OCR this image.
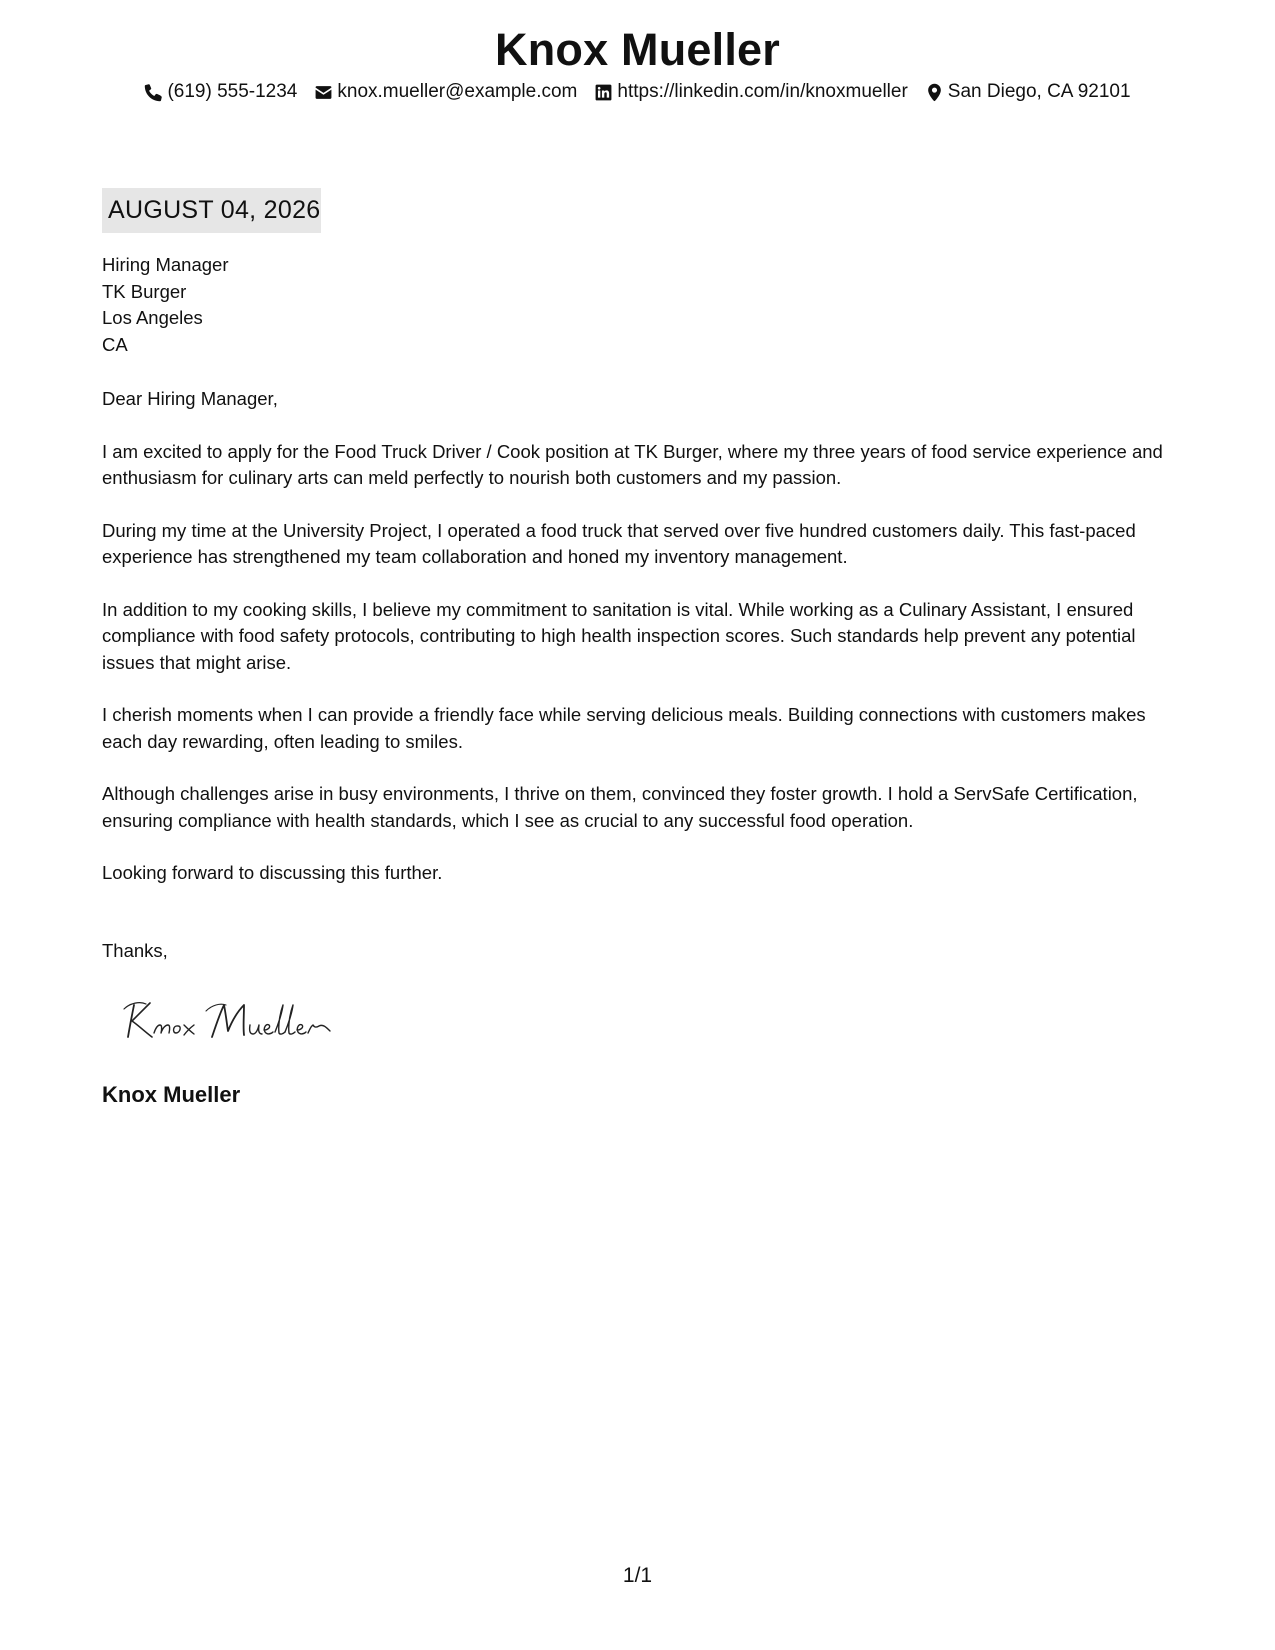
Knox Mueller
(619) 555-1234 knox.mueller@example.com https://linkedin.com/in/knoxmueller San Diego, CA 92101
AUGUST 04, 2026
Hiring Manager
TK Burger
Los Angeles
CA

Dear Hiring Manager,

I am excited to apply for the Food Truck Driver / Cook position at TK Burger, where my three years of food service experience and enthusiasm for culinary arts can meld perfectly to nourish both customers and my passion.

During my time at the University Project, I operated a food truck that served over five hundred customers daily. This fast-paced experience has strengthened my team collaboration and honed my inventory management.

In addition to my cooking skills, I believe my commitment to sanitation is vital. While working as a Culinary Assistant, I ensured compliance with food safety protocols, contributing to high health inspection scores. Such standards help prevent any potential issues that might arise.

I cherish moments when I can provide a friendly face while serving delicious meals. Building connections with customers makes each day rewarding, often leading to smiles.

Although challenges arise in busy environments, I thrive on them, convinced they foster growth. I hold a ServSafe Certification, ensuring compliance with health standards, which I see as crucial to any successful food operation.

Looking forward to discussing this further.

Thanks,
Knox Mueller
1/1
